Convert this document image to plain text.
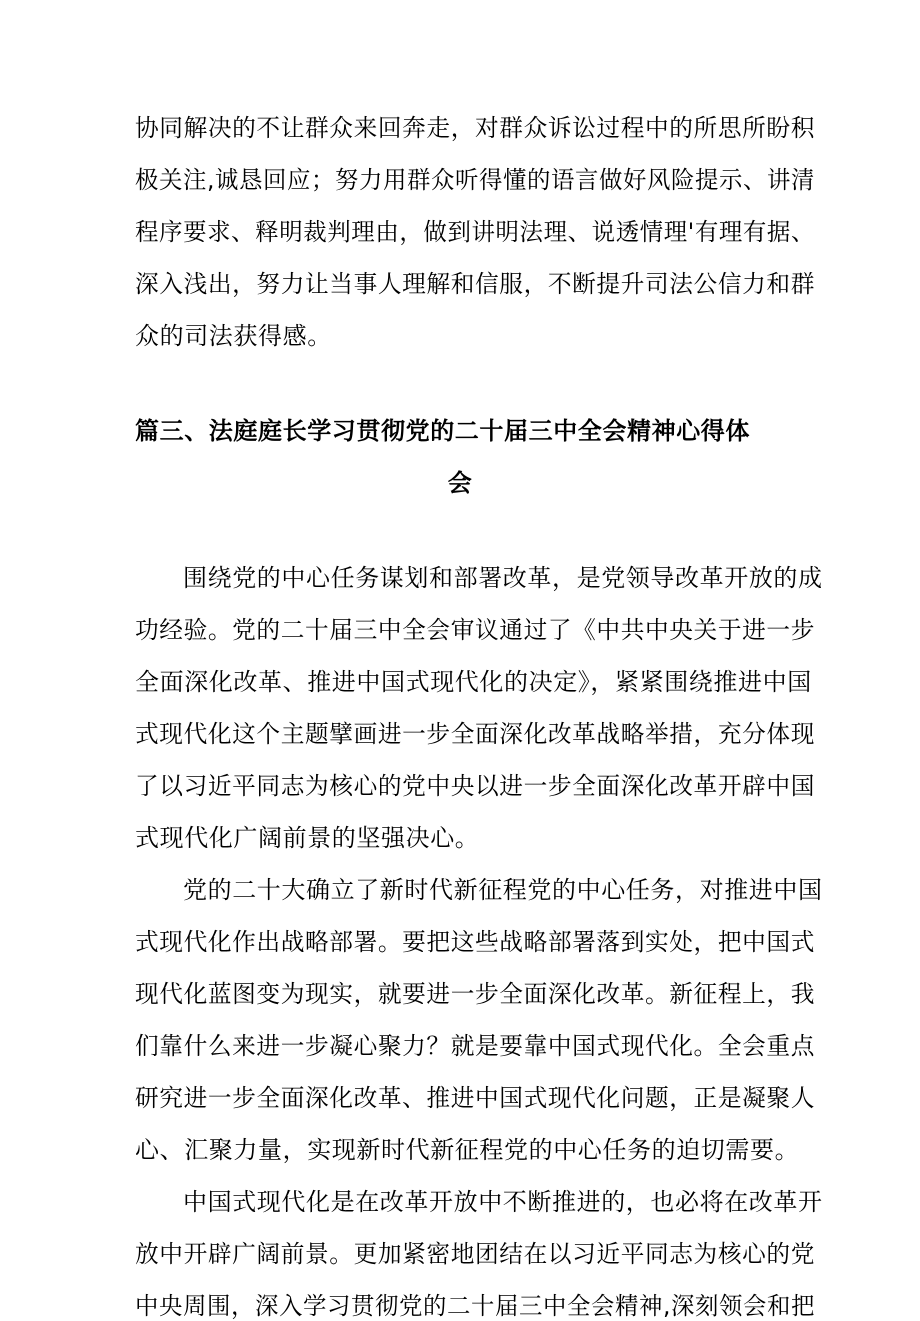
协同解决的不让群众来回奔走，对群众诉讼过程中的所思所盼积
极关注,诚恳回应；努力用群众听得懂的语言做好风险提示、讲清
程序要求、释明裁判理由，做到讲明法理、说透情理'有理有据、
深入浅出，努力让当事人理解和信服，不断提升司法公信力和群
众的司法获得感。
篇三、法庭庭长学习贯彻党的二十届三中全会精神心得体
会
围绕党的中心任务谋划和部署改革，是党领导改革开放的成
功经验。党的二十届三中全会审议通过了《中共中央关于进一步
全面深化改革、推进中国式现代化的决定》，紧紧围绕推进中国
式现代化这个主题擘画进一步全面深化改革战略举措，充分体现
了以习近平同志为核心的党中央以进一步全面深化改革开辟中国
式现代化广阔前景的坚强决心。
党的二十大确立了新时代新征程党的中心任务，对推进中国
式现代化作出战略部署。要把这些战略部署落到实处，把中国式
现代化蓝图变为现实，就要进一步全面深化改革。新征程上，我
们靠什么来进一步凝心聚力？就是要靠中国式现代化。全会重点
研究进一步全面深化改革、推进中国式现代化问题，正是凝聚人
心、汇聚力量，实现新时代新征程党的中心任务的迫切需要。
中国式现代化是在改革开放中不断推进的，也必将在改革开
放中开辟广阔前景。更加紧密地团结在以习近平同志为核心的党
中央周围，深入学习贯彻党的二十届三中全会精神,深刻领会和把
